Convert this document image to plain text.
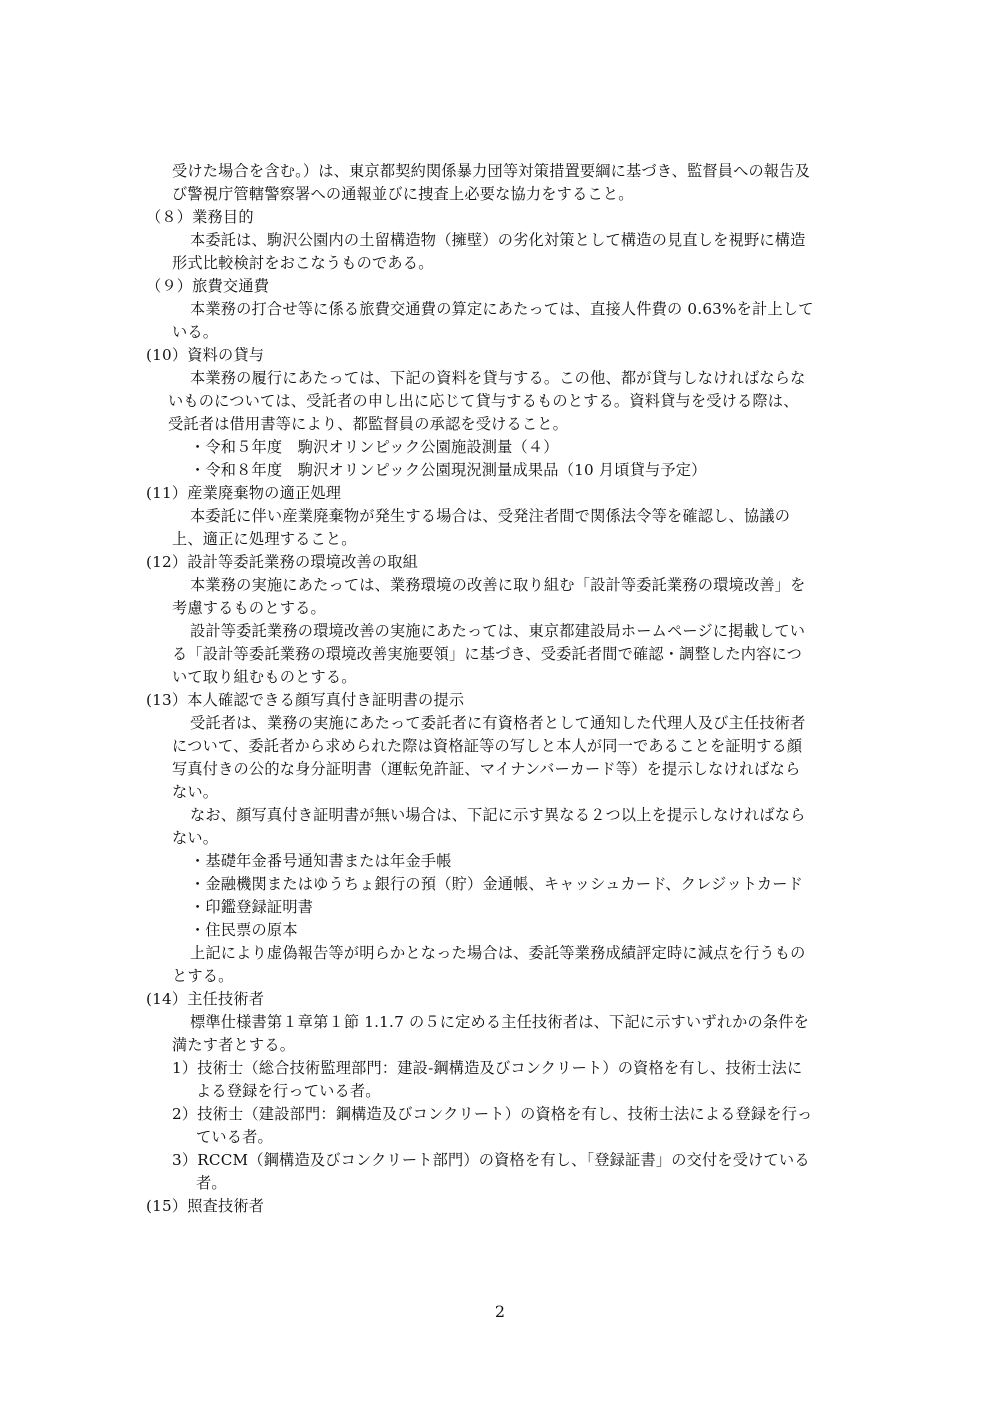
受けた場合を含む。）は、東京都契約関係暴力団等対策措置要綱に基づき、監督員への報告及
び警視庁管轄警察署への通報並びに捜査上必要な協力をすること。
（８）業務目的
本委託は、駒沢公園内の土留構造物（擁壁）の劣化対策として構造の見直しを視野に構造
形式比較検討をおこなうものである。
（９）旅費交通費
本業務の打合せ等に係る旅費交通費の算定にあたっては、直接人件費の 0.63%を計上して
いる。
(10）資料の貸与
本業務の履行にあたっては、下記の資料を貸与する。この他、都が貸与しなければならな
いものについては、受託者の申し出に応じて貸与するものとする。資料貸与を受ける際は、
受託者は借用書等により、都監督員の承認を受けること。
・令和５年度　駒沢オリンピック公園施設測量（４）
・令和８年度　駒沢オリンピック公園現況測量成果品（10 月頃貸与予定）
(11）産業廃棄物の適正処理
本委託に伴い産業廃棄物が発生する場合は、受発注者間で関係法令等を確認し、協議の
上、適正に処理すること。
(12）設計等委託業務の環境改善の取組
本業務の実施にあたっては、業務環境の改善に取り組む「設計等委託業務の環境改善」を
考慮するものとする。
設計等委託業務の環境改善の実施にあたっては、東京都建設局ホームページに掲載してい
る「設計等委託業務の環境改善実施要領」に基づき、受委託者間で確認・調整した内容につ
いて取り組むものとする。
(13）本人確認できる顔写真付き証明書の提示
受託者は、業務の実施にあたって委託者に有資格者として通知した代理人及び主任技術者
について、委託者から求められた際は資格証等の写しと本人が同一であることを証明する顔
写真付きの公的な身分証明書（運転免許証、マイナンバーカード等）を提示しなければなら
ない。
なお、顔写真付き証明書が無い場合は、下記に示す異なる２つ以上を提示しなければなら
ない。
・基礎年金番号通知書または年金手帳
・金融機関またはゆうちょ銀行の預（貯）金通帳、キャッシュカード、クレジットカード
・印鑑登録証明書
・住民票の原本
上記により虚偽報告等が明らかとなった場合は、委託等業務成績評定時に減点を行うもの
とする。
(14）主任技術者
標準仕様書第１章第１節 1.1.7 の５に定める主任技術者は、下記に示すいずれかの条件を
満たす者とする。
1）技術士（総合技術監理部門：建設-鋼構造及びコンクリート）の資格を有し、技術士法に
よる登録を行っている者。
2）技術士（建設部門：鋼構造及びコンクリート）の資格を有し、技術士法による登録を行っ
ている者。
3）RCCM（鋼構造及びコンクリート部門）の資格を有し、「登録証書」の交付を受けている
者。
(15）照査技術者
2
